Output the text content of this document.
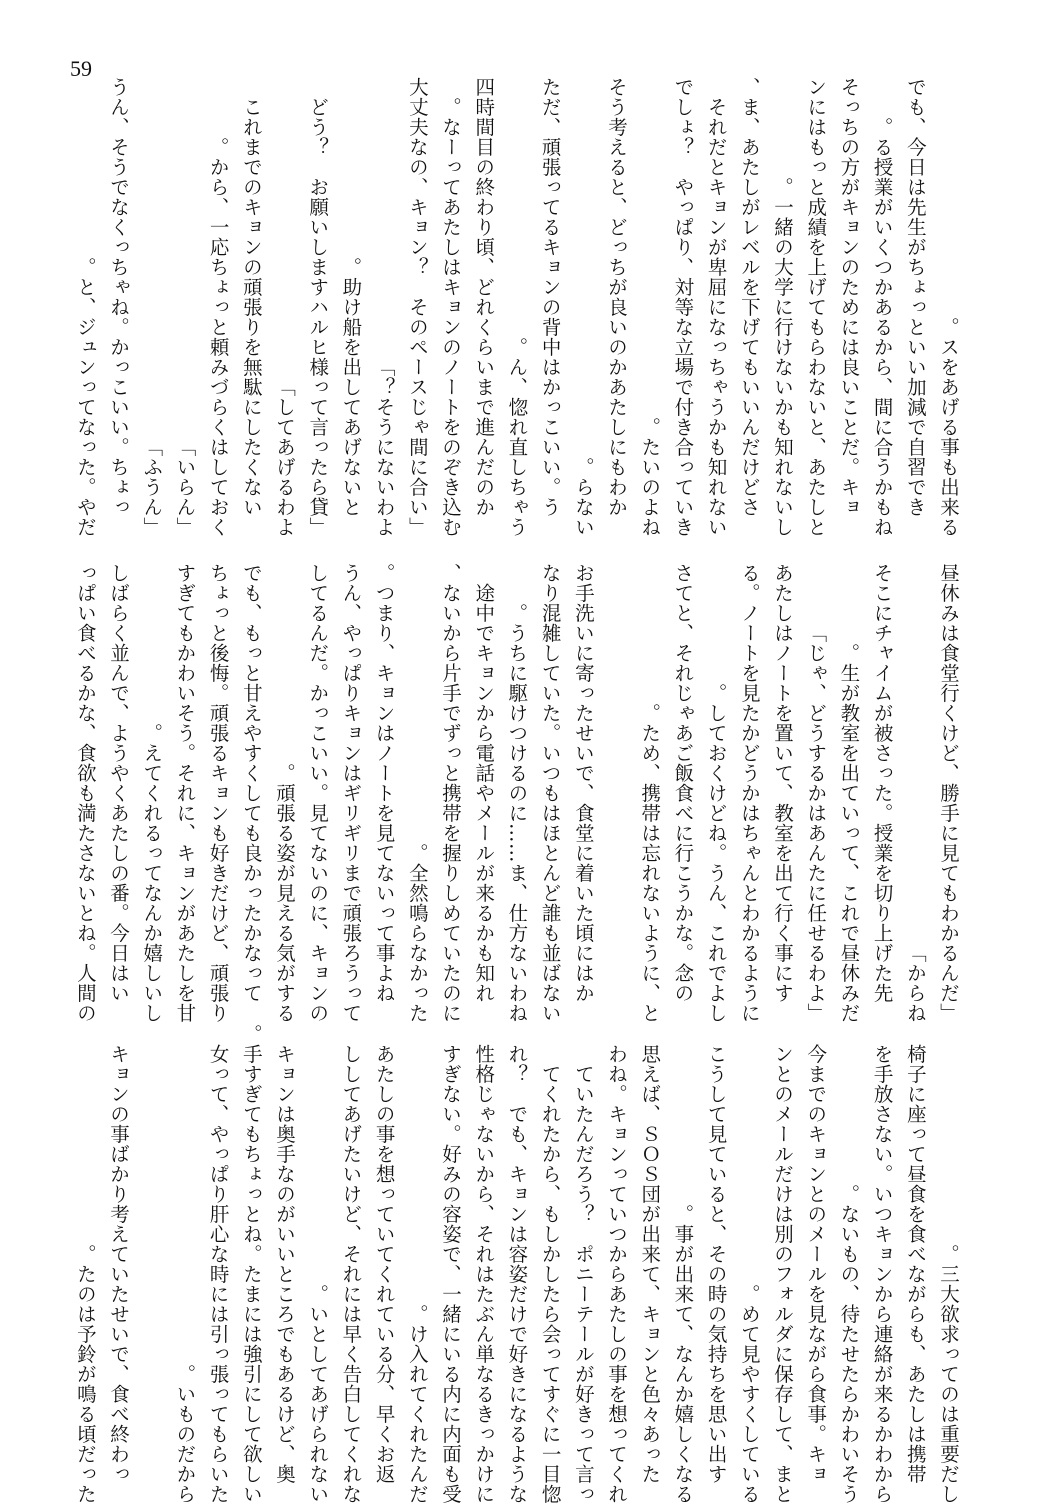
59
スをあげる事も出来る。
　でも、今日は先生がちょっといい加減で自習でき
る授業がいくつかあるから、間に合うかもね。
　そっちの方がキョンのためには良いことだ。キョ
ンにはもっと成績を上げてもらわないと、あたしと
一緒の大学に行けないかも知れないし。
　ま、あたしがレベルを下げてもいいんだけどさ、
それだとキョンが卑屈になっちゃうかも知れない
でしょ？　やっぱり、対等な立場で付き合っていき
たいのよね。
　そう考えると、どっちが良いのかあたしにもわか
らない。
　ただ、頑張ってるキョンの背中はかっこいい。う
ん、惚れ直しちゃう。
　四時間目の終わり頃、どれくらいまで進んだのか
なーってあたしはキョンのノートをのぞき込む。
「大丈夫なの、キョン？　そのペースじゃ間に合い
そうにないわよ？」
　助け船を出してあげないと。
「どう？　お願いしますハルヒ様って言ったら貸
してあげるわよ」
　これまでのキョンの頑張りを無駄にしたくない
から、一応ちょっと頼みづらくはしておく。
「いらん」
「ふうん」
　うん、そうでなくっちゃね。かっこいい。ちょっ
と、ジュンってなった。やだ。
「昼休みは食堂行くけど、勝手に見てもわかるんだ
からね」
　そこにチャイムが被さった。授業を切り上げた先
生が教室を出ていって、これで昼休みだ。
「じゃ、どうするかはあんたに任せるわよ」
　あたしはノートを置いて、教室を出て行く事にす
る。ノートを見たかどうかはちゃんとわかるように
しておくけどね。うん、これでよし。
　さてと、それじゃあご飯食べに行こうかな。念の
ため、携帯は忘れないように、と。
　お手洗いに寄ったせいで、食堂に着いた頃にはか
なり混雑していた。いつもはほとんど誰も並ばない
うちに駆けつけるのに……ま、仕方ないわね。
　途中でキョンから電話やメールが来るかも知れ
ないから片手でずっと携帯を握りしめていたのに、
全然鳴らなかった。
　つまり、キョンはノートを見てないって事よね。
うん、やっぱりキョンはギリギリまで頑張ろうって
してるんだ。かっこいい。見てないのに、キョンの
頑張る姿が見える気がする。
　でも、もっと甘えやすくしても良かったかなって
ちょっと後悔。頑張るキョンも好きだけど、頑張り
すぎてもかわいそう。それに、キョンがあたしを甘
えてくれるってなんか嬉しいし。
　しばらく並んで、ようやくあたしの番。今日はい
っぱい食べるかな、食欲も満たさないとね。人間の
三大欲求ってのは重要だし。
　椅子に座って昼食を食べながらも、あたしは携帯
を手放さない。いつキョンから連絡が来るかわから
ないもの、待たせたらかわいそう。
　今までのキョンとのメールを見ながら食事。キョ
ンとのメールだけは別のフォルダに保存して、まと
めて見やすくしている。
　こうして見ていると、その時の気持ちを思い出す
事が出来て、なんか嬉しくなる。
　思えば、ＳＯＳ団が出来て、キョンと色々あった
わね。キョンっていつからあたしの事を想ってくれ
ていたんだろう？　ポニーテールが好きって言っ
てくれたから、もしかしたら会ってすぐに一目惚
れ？　でも、キョンは容姿だけで好きになるような
性格じゃないから、それはたぶん単なるきっかけに
すぎない。好みの容姿で、一緒にいる内に内面も受
け入れてくれたんだ。
　あたしの事を想っていてくれている分、早くお返
ししてあげたいけど、それには早く告白してくれな
いとしてあげられない。
　キョンは奥手なのがいいところでもあるけど、奥
手すぎてもちょっとね。たまには強引にして欲しい。
女って、やっぱり肝心な時には引っ張ってもらいた
いものだから。
　キョンの事ばかり考えていたせいで、食べ終わっ
たのは予鈴が鳴る頃だった。
